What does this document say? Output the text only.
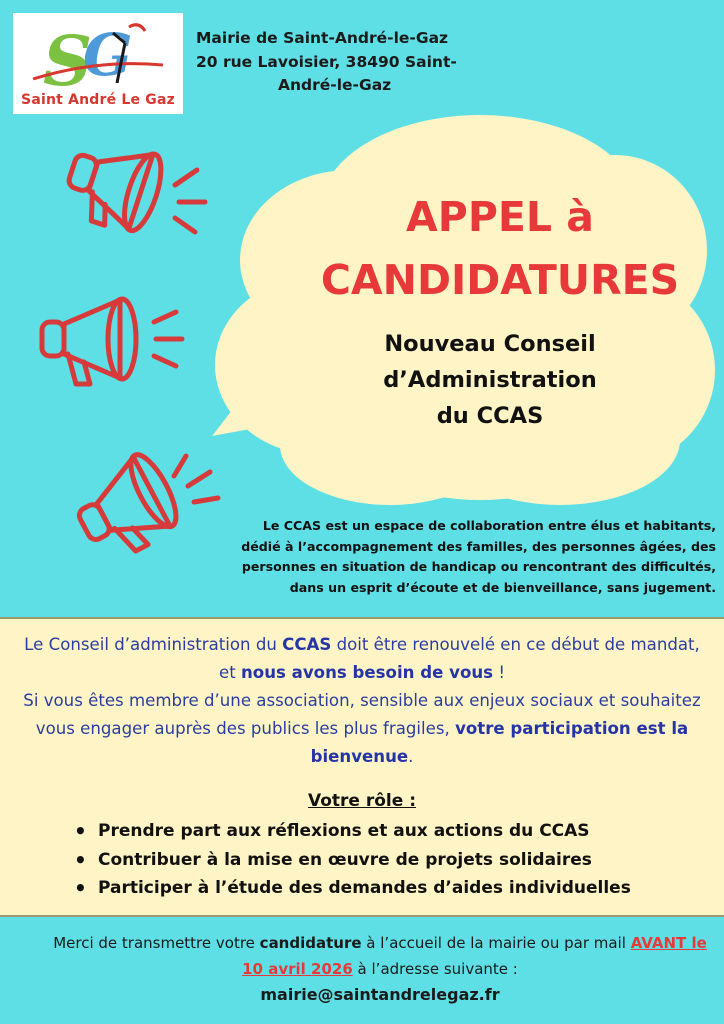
S
G
Saint André Le Gaz
Mairie de Saint-André-le-Gaz
20 rue Lavoisier, 38490 Saint-

André-le-Gaz
APPEL à
CANDIDATURES
Nouveau Conseil
d’Administration
du CCAS
Le CCAS est un espace de collaboration entre élus et habitants,
dédié à l’accompagnement des familles, des personnes âgées, des
personnes en situation de handicap ou rencontrant des difficultés,
dans un esprit d’écoute et de bienveillance, sans jugement.
Le Conseil d’administration du CCAS doit être renouvelé en ce début de mandat, et nous avons besoin de vous !
Si vous êtes membre d’une association, sensible aux enjeux sociaux et souhaitez vous engager auprès des publics les plus fragiles, votre participation est la bienvenue.
Votre rôle :
• Prendre part aux réflexions et aux actions du CCAS
• Contribuer à la mise en œuvre de projets solidaires
• Participer à l’étude des demandes d’aides individuelles
Merci de transmettre votre candidature à l’accueil de la mairie ou par mail AVANT le 10 avril 2026 à l’adresse suivante :
mairie@saintandrelegaz.fr
